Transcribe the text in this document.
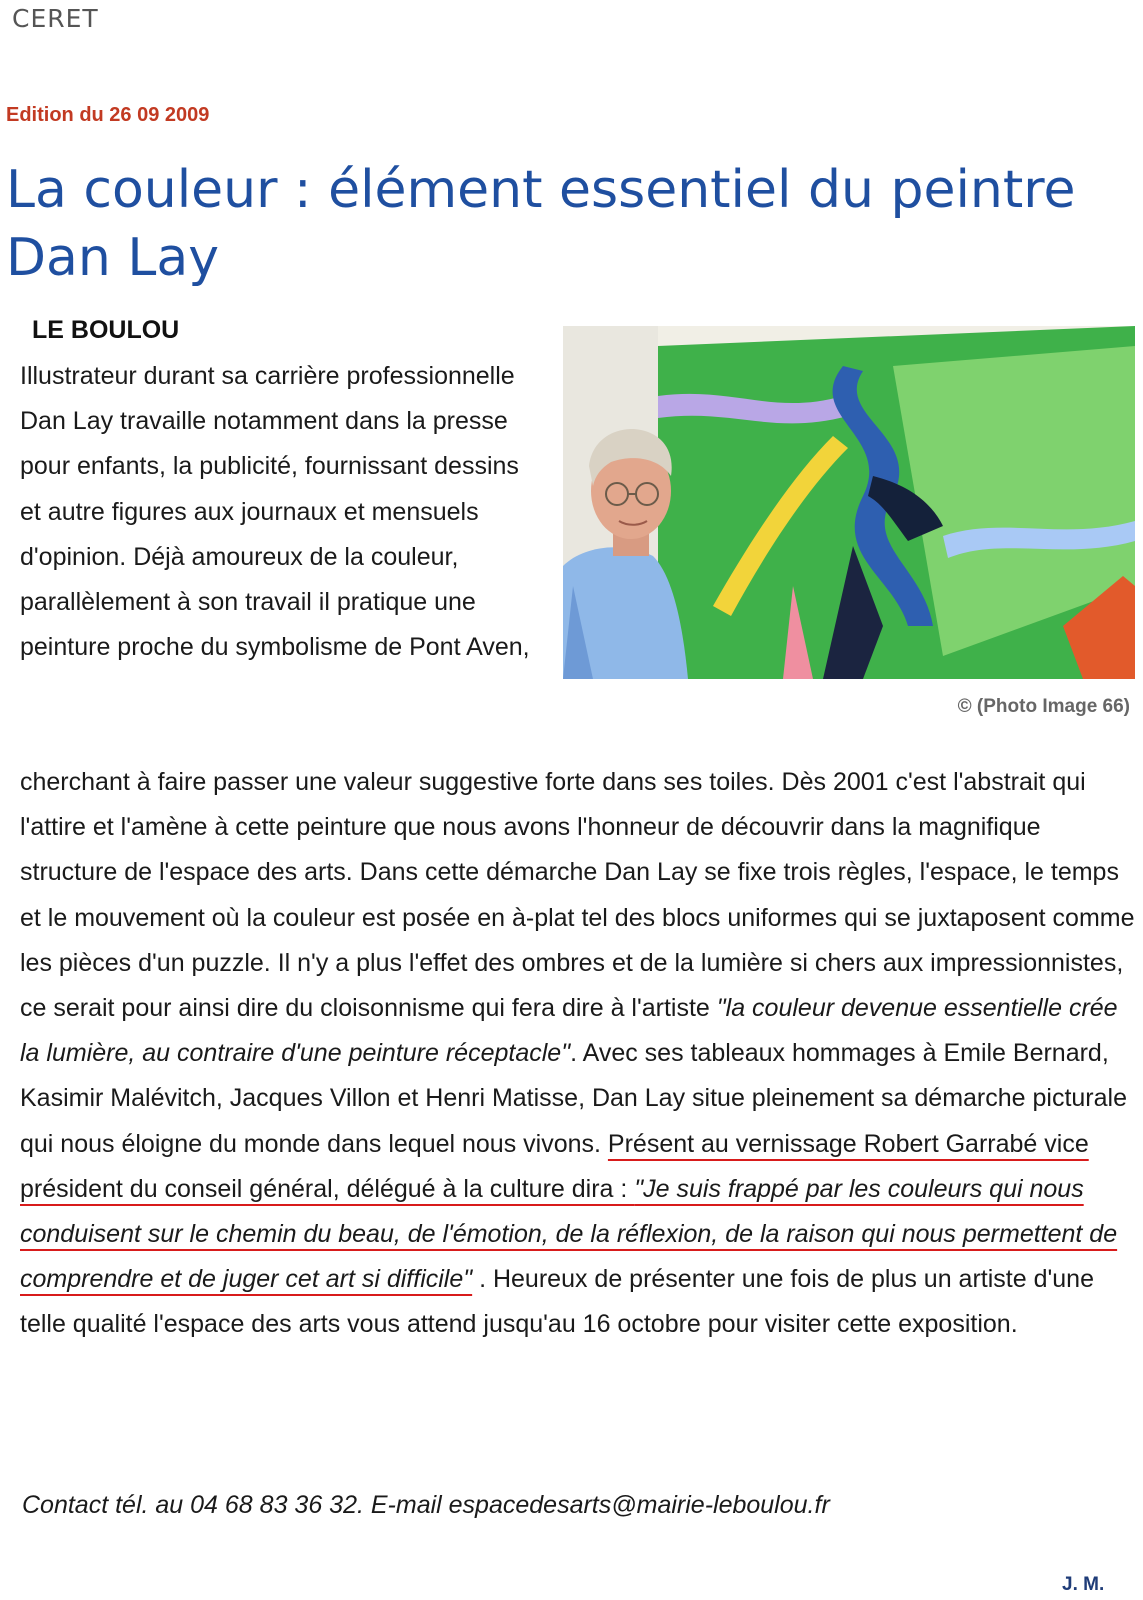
CERET
Edition du 26 09 2009
La couleur : élément essentiel du peintre Dan Lay
LE BOULOU

Illustrateur durant sa carrière professionnelle Dan Lay travaille notamment dans la presse pour enfants, la publicité, fournissant dessins et autre figures aux journaux et mensuels d'opinion. Déjà amoureux de la couleur, parallèlement à son travail il pratique une peinture proche du symbolisme de Pont Aven,

© (Photo Image 66)

cherchant à faire passer une valeur suggestive forte dans ses toiles. Dès 2001 c'est l'abstrait qui l'attire et l'amène à cette peinture que nous avons l'honneur de découvrir dans la magnifique structure de l'espace des arts. Dans cette démarche Dan Lay se fixe trois règles, l'espace, le temps et le mouvement où la couleur est posée en à-plat tel des blocs uniformes qui se juxtaposent comme les pièces d'un puzzle. Il n'y a plus l'effet des ombres et de la lumière si chers aux impressionnistes, ce serait pour ainsi dire du cloisonnisme qui fera dire à l'artiste "la couleur devenue essentielle crée la lumière, au contraire d'une peinture réceptacle". Avec ses tableaux hommages à Emile Bernard, Kasimir Malévitch, Jacques Villon et Henri Matisse, Dan Lay situe pleinement sa démarche picturale qui nous éloigne du monde dans lequel nous vivons. Présent au vernissage Robert Garrabé vice président du conseil général, délégué à la culture dira : "Je suis frappé par les couleurs qui nous conduisent sur le chemin du beau, de l'émotion, de la réflexion, de la raison qui nous permettent de comprendre et de juger cet art si difficile" . Heureux de présenter une fois de plus un artiste d'une telle qualité l'espace des arts vous attend jusqu'au 16 octobre pour visiter cette exposition.

Contact tél. au 04 68 83 36 32. E-mail espacedesarts@mairie-leboulou.fr

J. M.
